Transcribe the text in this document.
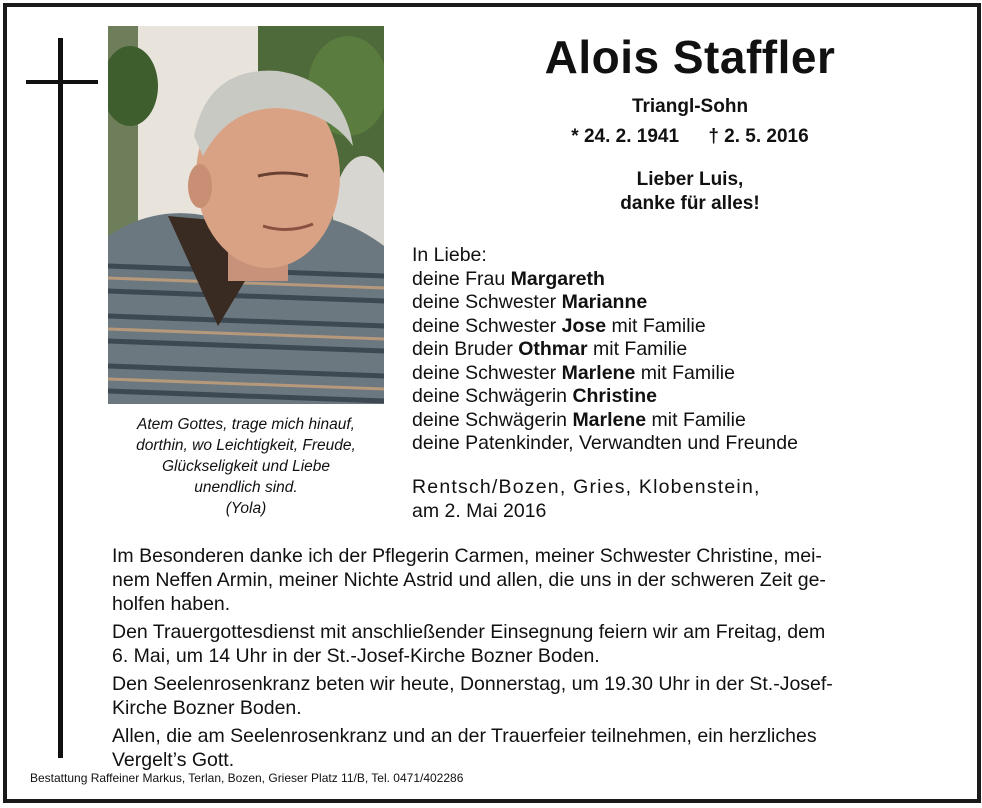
Atem Gottes, trage mich hinauf,
dorthin, wo Leichtigkeit, Freude,
Glückseligkeit und Liebe
unendlich sind.
(Yola)
Alois Staffler
Triangl-Sohn
* 24. 2. 1941 † 2. 5. 2016
Lieber Luis,
danke für alles!
In Liebe:
deine Frau Margareth
deine Schwester Marianne
deine Schwester Jose mit Familie
dein Bruder Othmar mit Familie
deine Schwester Marlene mit Familie
deine Schwägerin Christine
deine Schwägerin Marlene mit Familie
deine Patenkinder, Verwandten und Freunde
Rentsch/Bozen, Gries, Klobenstein,
am 2. Mai 2016

Im Besonderen danke ich der Pflegerin Carmen, meiner Schwester Christine, mei-
nem Neffen Armin, meiner Nichte Astrid und allen, die uns in der schweren Zeit ge-
holfen haben.

Den Trauergottesdienst mit anschließender Einsegnung feiern wir am Freitag, dem
6. Mai, um 14 Uhr in der St.-Josef-Kirche Bozner Boden.

Den Seelenrosenkranz beten wir heute, Donnerstag, um 19.30 Uhr in der St.-Josef-
Kirche Bozner Boden.

Allen, die am Seelenrosenkranz und an der Trauerfeier teilnehmen, ein herzliches
Vergelt’s Gott.

Bestattung Raffeiner Markus, Terlan, Bozen, Grieser Platz 11/B, Tel. 0471/402286
